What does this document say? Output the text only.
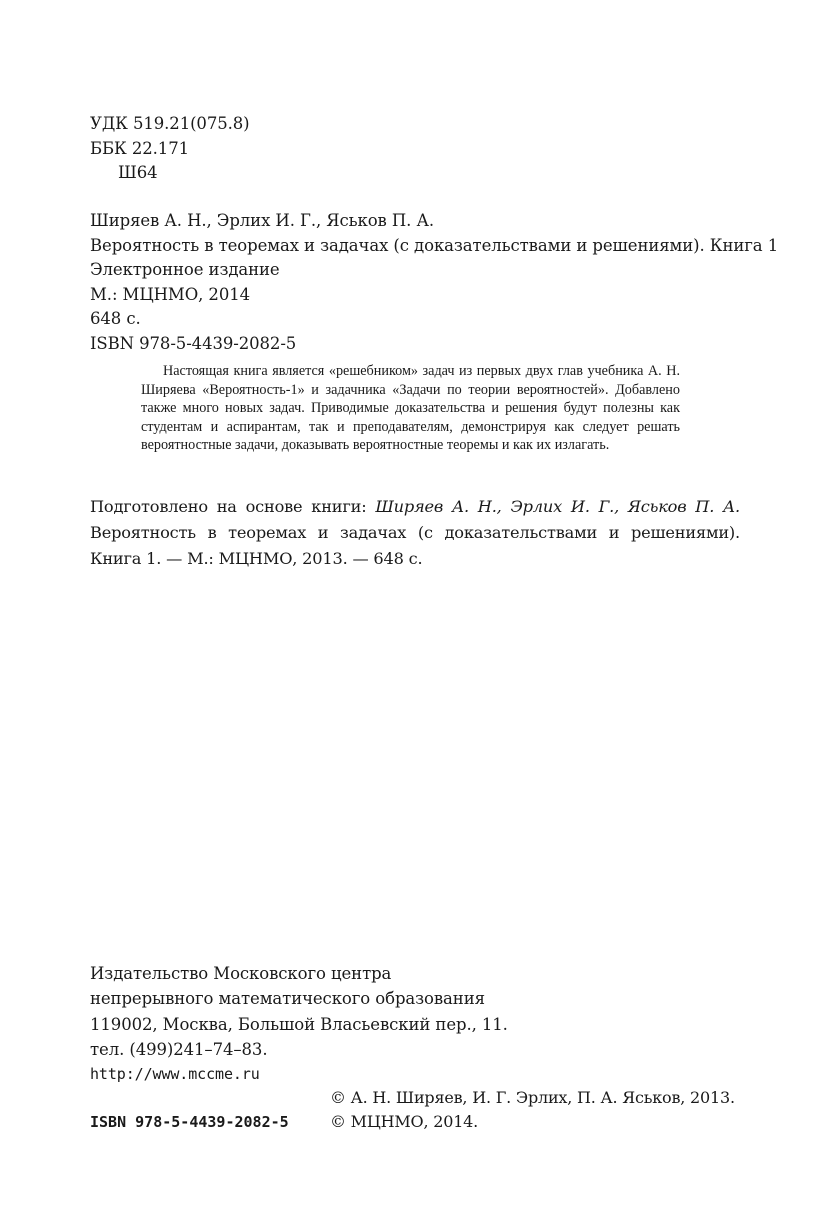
УДК 519.21(075.8)
ББК 22.171
Ш64
Ширяев А. Н., Эрлих И. Г., Яськов П. А.
Вероятность в теоремах и задачах (с доказательствами и решениями). Книга 1
Электронное издание
М.: МЦНМО, 2014
648 с.
ISBN 978-5-4439-2082-5
Настоящая книга является «решебником» задач из первых двух глав учебника А. Н. Ширяева «Вероятность-1» и задачника «Задачи по теории вероятностей». Добавлено также много новых задач. Приводимые доказательства и решения будут полезны как студентам и аспирантам, так и преподавателям, демонстрируя как следует решать вероятностные задачи, доказывать вероятностные теоремы и как их излагать.
Подготовлено на основе книги: Ширяев А. Н., Эрлих И. Г., Яськов П. А. Вероятность в теоремах и задачах (с доказательствами и решениями). Книга 1. — М.: МЦНМО, 2013. — 648 с.
Издательство Московского центра
непрерывного математического образования
119002, Москва, Большой Власьевский пер., 11.
тел. (499)241–74–83.
http://www.mccme.ru
© А. Н. Ширяев, И. Г. Эрлих, П. А. Яськов, 2013.
ISBN 978-5-4439-2082-5	© МЦНМО, 2014.
